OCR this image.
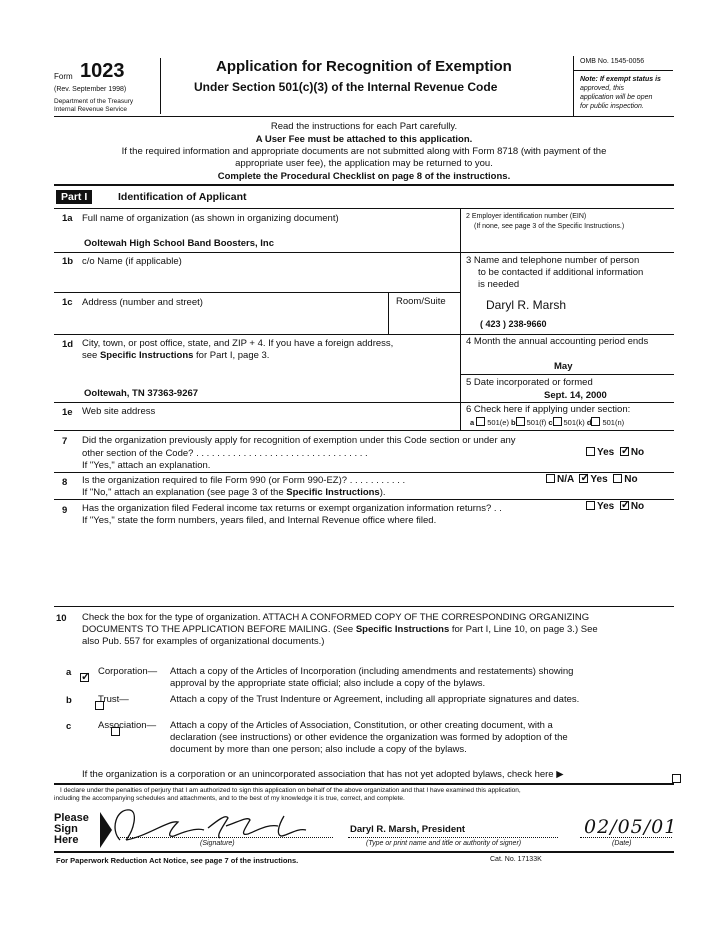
Form 1023
(Rev. September 1998)
Department of the Treasury
Internal Revenue Service
Application for Recognition of Exemption
Under Section 501(c)(3) of the Internal Revenue Code
OMB No. 1545-0056
Note: If exempt status is
approved, this
application will be open
for public inspection.
Read the instructions for each Part carefully.
A User Fee must be attached to this application.
If the required information and appropriate documents are not submitted along with Form 8718 (with payment of the
appropriate user fee), the application may be returned to you.
Complete the Procedural Checklist on page 8 of the instructions.
Part I	Identification of Applicant
1a Full name of organization (as shown in organizing document)
Ooltewah High School Band Boosters, Inc
2 Employer identification number (EIN)
(If none, see page 3 of the Specific Instructions.)
1b c/o Name (if applicable)	3 Name and telephone number of person
to be contacted if additional information
is needed
Daryl R. Marsh
( 423 ) 238-9660
1c Address (number and street)	Room/Suite
1d City, town, or post office, state, and ZIP + 4. If you have a foreign address,
see Specific Instructions for Part I, page 3.
Ooltewah, TN 37363-9267
4 Month the annual accounting period ends
May
5 Date incorporated or formed
Sept. 14, 2000
1e Web site address	6 Check here if applying under section:
a 501(e) b 501(f) c 501(k) d 501(n)
7 Did the organization previously apply for recognition of exemption under this Code section or under any
other section of the Code? . . . . . . . . . . . . . . . . . . . . . . . . . . . . . . . . .
If "Yes," attach an explanation.
Yes ✓ No
8 Is the organization required to file Form 990 (or Form 990-EZ)? . . . . . . . . . . .
If "No," attach an explanation (see page 3 of the Specific Instructions).
N/A ✓ Yes No
9 Has the organization filed Federal income tax returns or exempt organization information returns? . .
If "Yes," state the form numbers, years filed, and Internal Revenue office where filed.
Yes ✓ No
10 Check the box for the type of organization. ATTACH A CONFORMED COPY OF THE CORRESPONDING ORGANIZING
DOCUMENTS TO THE APPLICATION BEFORE MAILING. (See Specific Instructions for Part I, Line 10, on page 3.) See
also Pub. 557 for examples of organizational documents.)
a
✓	Corporation— Attach a copy of the Articles of Incorporation (including amendments and restatements) showing
approval by the appropriate state official; also include a copy of the bylaws.
b
	Trust—	Attach a copy of the Trust Indenture or Agreement, including all appropriate signatures and dates.
c
	Association— Attach a copy of the Articles of Association, Constitution, or other creating document, with a
declaration (see instructions) or other evidence the organization was formed by adoption of the
document by more than one person; also include a copy of the bylaws.
If the organization is a corporation or an unincorporated association that has not yet adopted bylaws, check here ▶
I declare under the penalties of perjury that I am authorized to sign this application on behalf of the above organization and that I have examined this application,
including the accompanying schedules and attachments, and to the best of my knowledge it is true, correct, and complete.
Please
Sign
Here	(Signature)
Daryl R. Marsh, President
(Type or print name and title or authority of signer)
02/05/01
(Date)
For Paperwork Reduction Act Notice, see page 7 of the instructions.	Cat. No. 17133K
